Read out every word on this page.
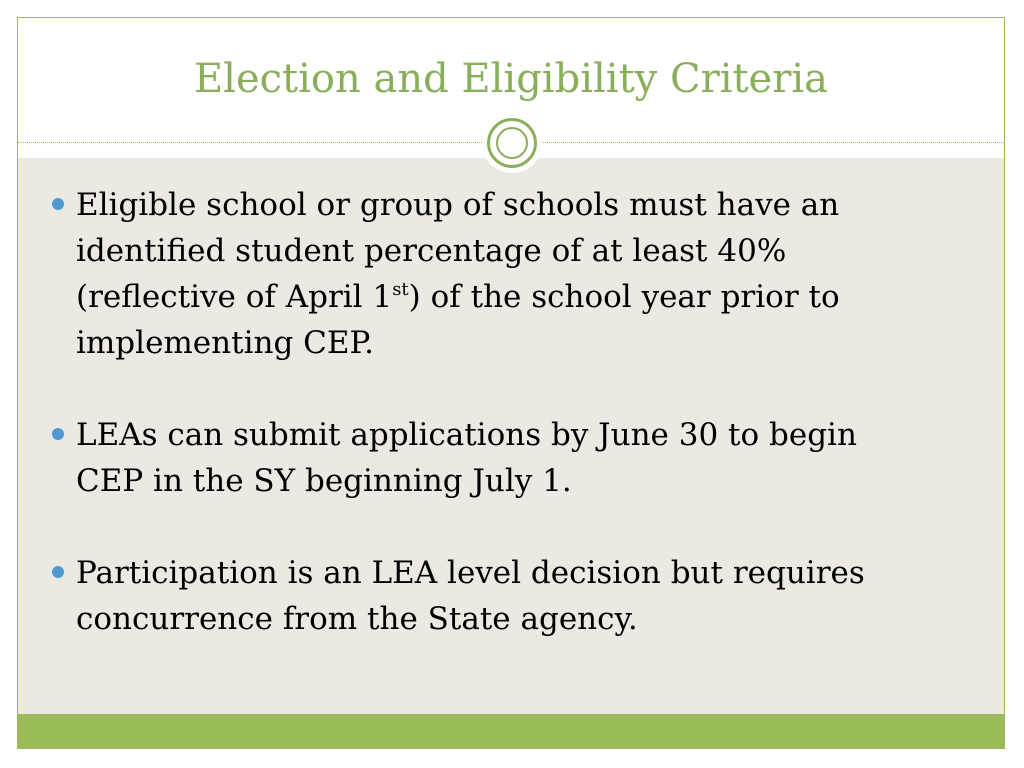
Election and Eligibility Criteria
Eligible school or group of schools must have an identified student percentage of at least 40% (reflective of April 1st) of the school year prior to implementing CEP.
LEAs can submit applications by June 30 to begin CEP in the SY beginning July 1.
Participation is an LEA level decision but requires concurrence from the State agency.
